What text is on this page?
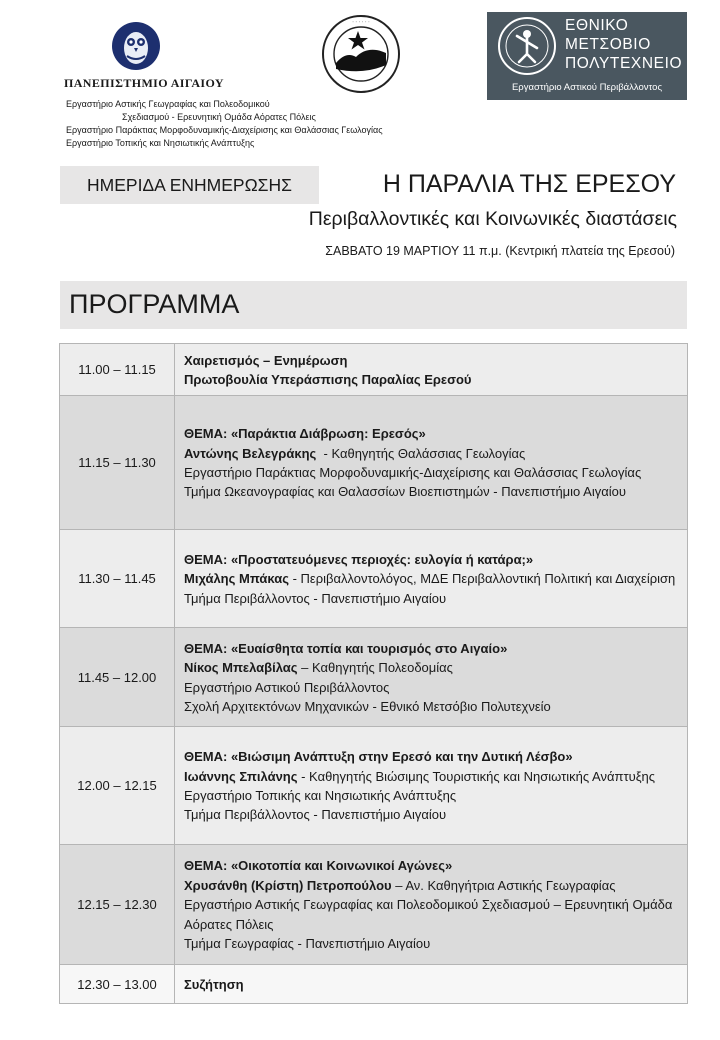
ΠΑΝΕΠΙΣΤΗΜΙΟ ΑΙΓΑΙΟΥ
· · · · · ·	ΕΘΝΙΚΟ
ΜΕΤΣΟΒΙΟ
ΠΟΛΥΤΕΧΝΕΙΟ
Εργαστήριο Αστικού Περιβάλλοντος
Εργαστήριο Αστικής Γεωγραφίας και Πολεοδομικού
Σχεδιασμού - Ερευνητική Ομάδα Αόρατες Πόλεις
Εργαστήριο Παράκτιας Μορφοδυναμικής-Διαχείρισης και Θαλάσσιας Γεωλογίας
Εργαστήριο Τοπικής και Νησιωτικής Ανάπτυξης
ΗΜΕΡΙΔΑ ΕΝΗΜΕΡΩΣΗΣ	Η ΠΑΡΑΛΙΑ ΤΗΣ ΕΡΕΣΟΥ
Περιβαλλοντικές και Κοινωνικές διαστάσεις
ΣΑΒΒΑΤΟ 19 ΜΑΡΤΙΟΥ 11 π.μ. (Κεντρική πλατεία της Ερεσού)
ΠΡΟΓΡΑΜΜΑ
11.00 – 11.15	Χαιρετισμός – Ενημέρωση
Πρωτοβουλία Υπεράσπισης Παραλίας Ερεσού

11.15 – 11.30	ΘΕΜΑ: «Παράκτια Διάβρωση: Ερεσός»
Αντώνης Βελεγράκης  - Καθηγητής Θαλάσσιας Γεωλογίας
Εργαστήριο Παράκτιας Μορφοδυναμικής-Διαχείρισης και Θαλάσσιας Γεωλογίας
Τμήμα Ωκεανογραφίας και Θαλασσίων Βιοεπιστημών - Πανεπιστήμιο Αιγαίου

11.30 – 11.45	ΘΕΜΑ: «Προστατευόμενες περιοχές: ευλογία ή κατάρα;»
Μιχάλης Μπάκας - Περιβαλλοντολόγος, ΜΔΕ Περιβαλλοντική Πολιτική και Διαχείριση
Τμήμα Περιβάλλοντος - Πανεπιστήμιο Αιγαίου

11.45 – 12.00	ΘΕΜΑ: «Ευαίσθητα τοπία και τουρισμός στο Αιγαίο»
Νίκος Μπελαβίλας – Καθηγητής Πολεοδομίας
Εργαστήριο Αστικού Περιβάλλοντος
Σχολή Αρχιτεκτόνων Μηχανικών - Εθνικό Μετσόβιο Πολυτεχνείο

12.00 – 12.15	ΘΕΜΑ: «Βιώσιμη Ανάπτυξη στην Ερεσό και την Δυτική Λέσβο»
Ιωάννης Σπιλάνης - Καθηγητής Βιώσιμης Τουριστικής και Νησιωτικής Ανάπτυξης
Εργαστήριο Τοπικής και Νησιωτικής Ανάπτυξης
Τμήμα Περιβάλλοντος - Πανεπιστήμιο Αιγαίου

12.15 – 12.30	ΘΕΜΑ: «Οικοτοπία και Κοινωνικοί Αγώνες»
Χρυσάνθη (Κρίστη) Πετροπούλου – Αν. Καθηγήτρια Αστικής Γεωγραφίας
Εργαστήριο Αστικής Γεωγραφίας και Πολεοδομικού Σχεδιασμού – Ερευνητική Ομάδα Αόρατες Πόλεις
Τμήμα Γεωγραφίας - Πανεπιστήμιο Αιγαίου

12.30 – 13.00	Συζήτηση
